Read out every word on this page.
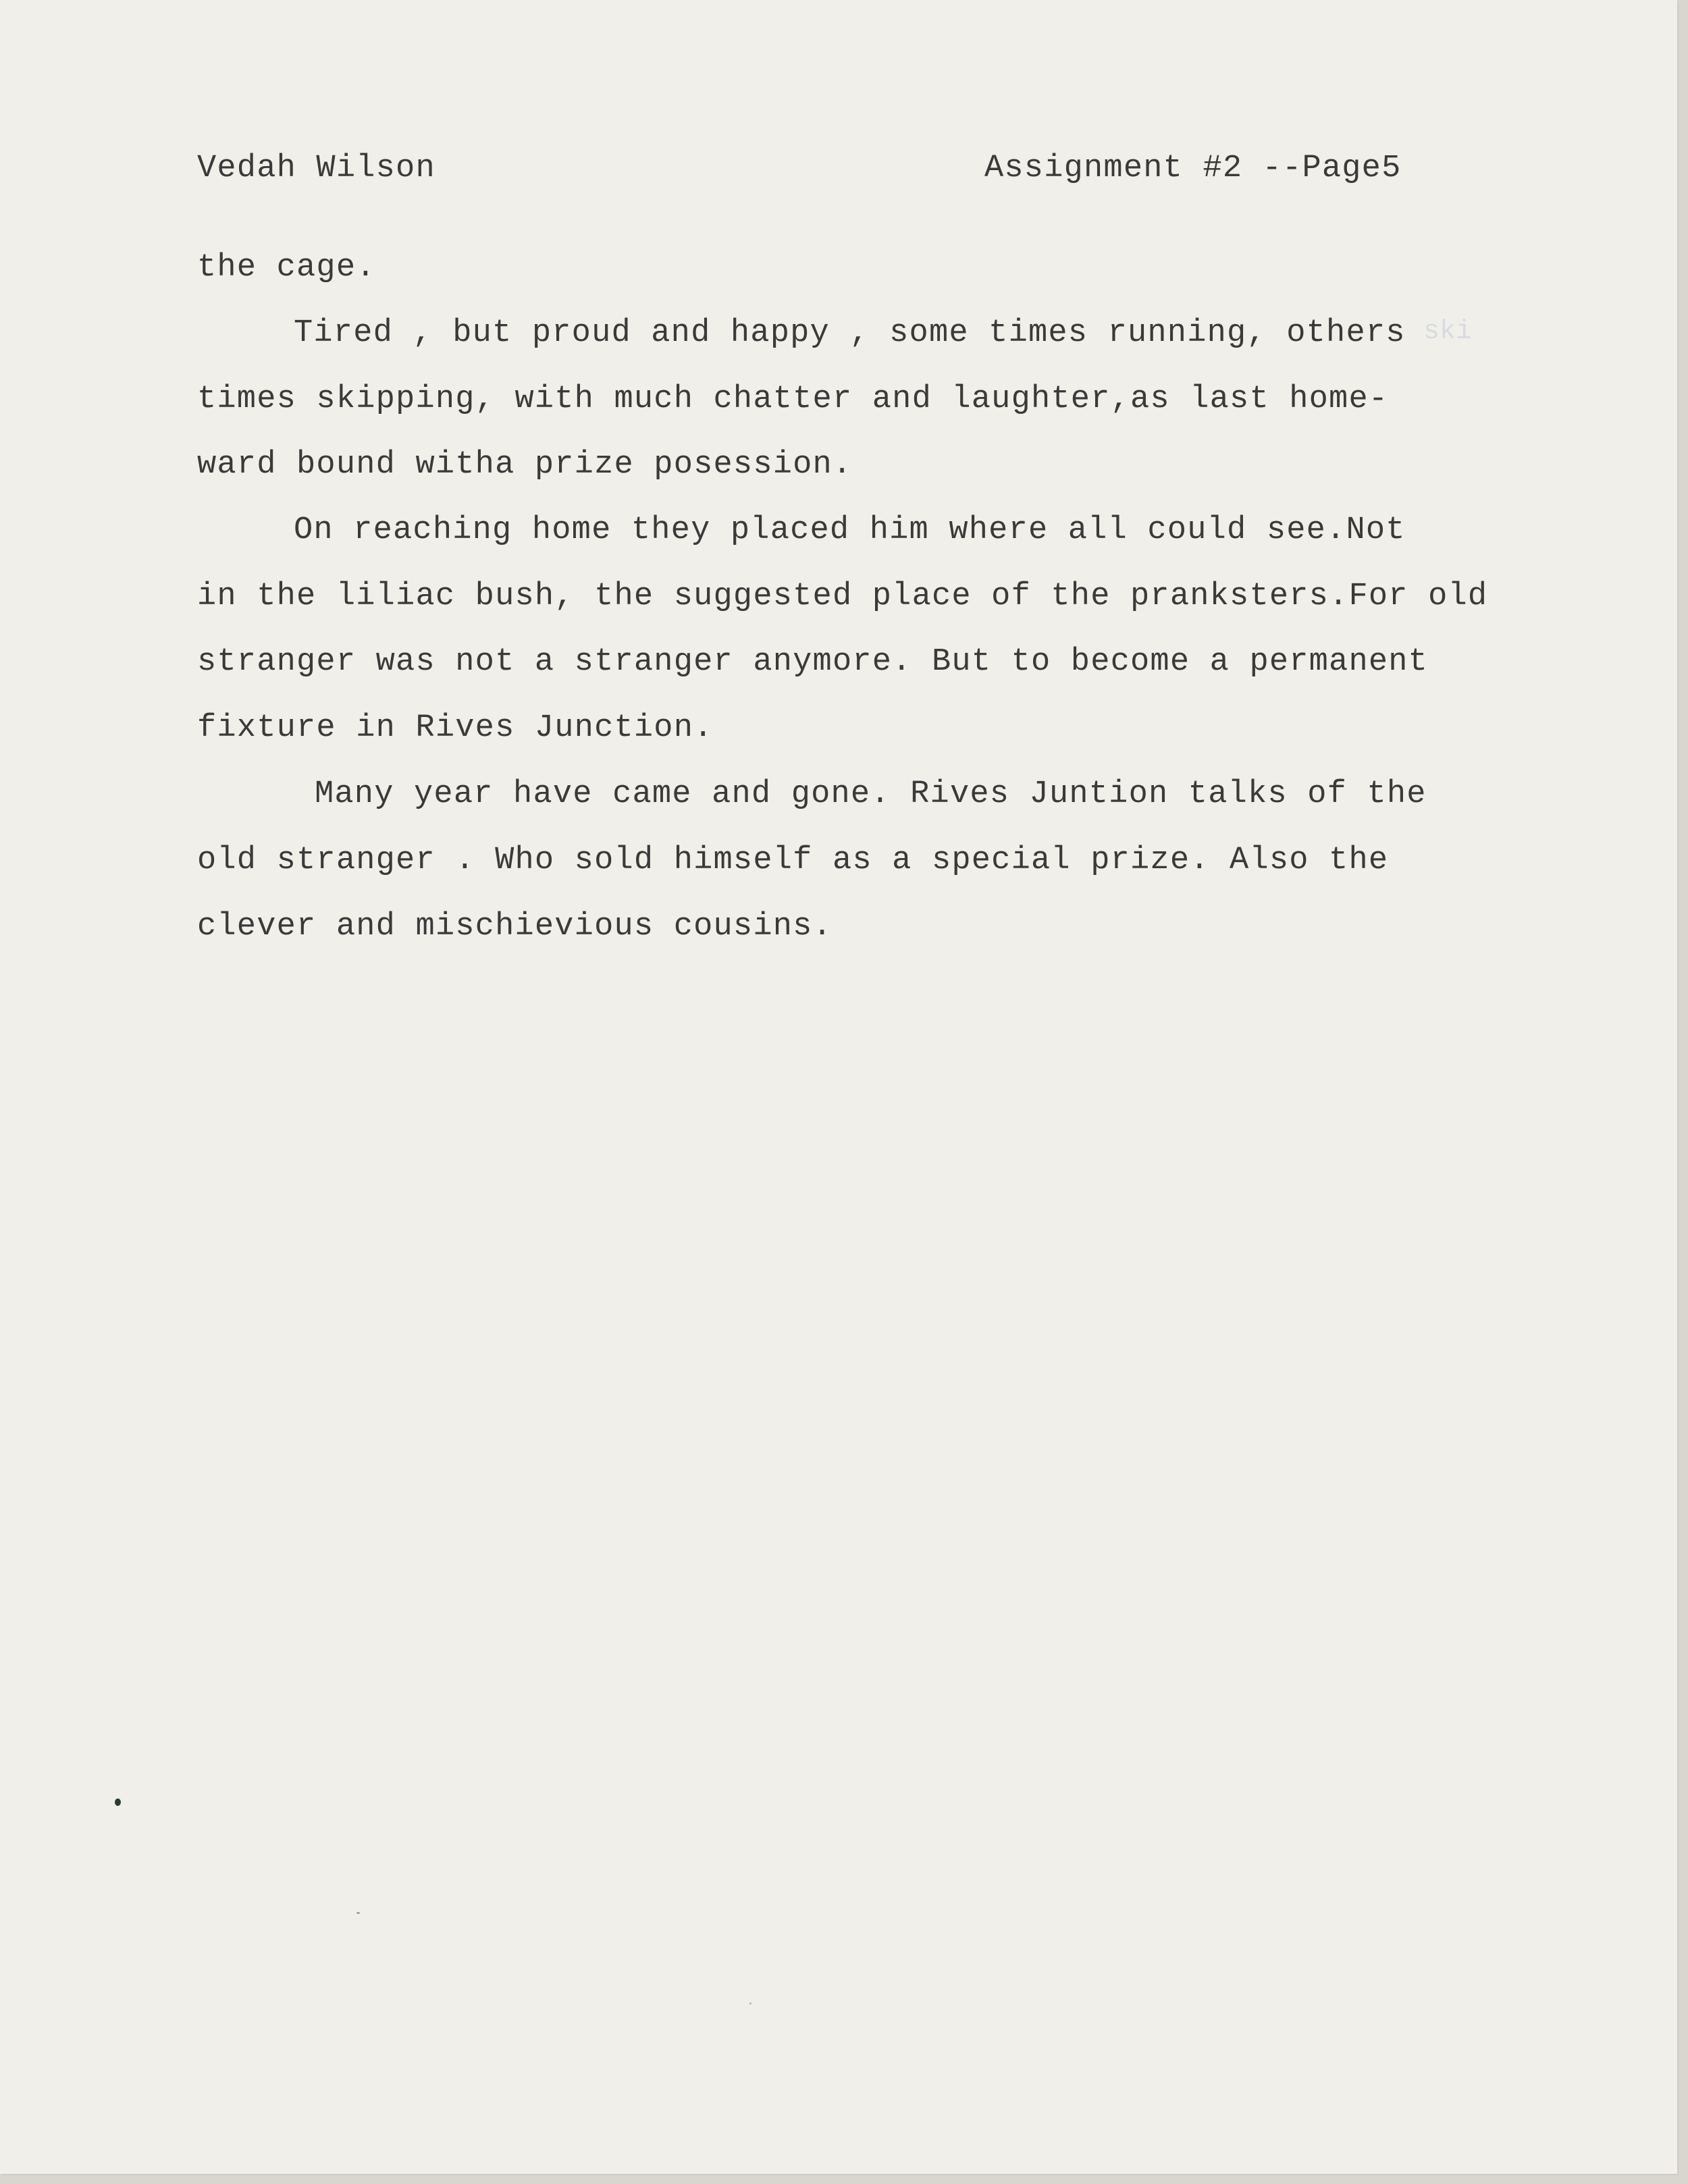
Vedah Wilson	Assignment #2 --Page5
the cage.
Tired , but proud and happy , some times running, others ski
times skipping, with much chatter and laughter,as last home-
ward bound witha prize posession.
On reaching home they placed him where all could see.Not
in the liliac bush, the suggested place of the pranksters.For old
stranger was not a stranger anymore. But to become a permanent
fixture in Rives Junction.
Many year have came and gone. Rives Juntion talks of the
old stranger . Who sold himself as a special prize. Also the
clever and mischievious cousins.
